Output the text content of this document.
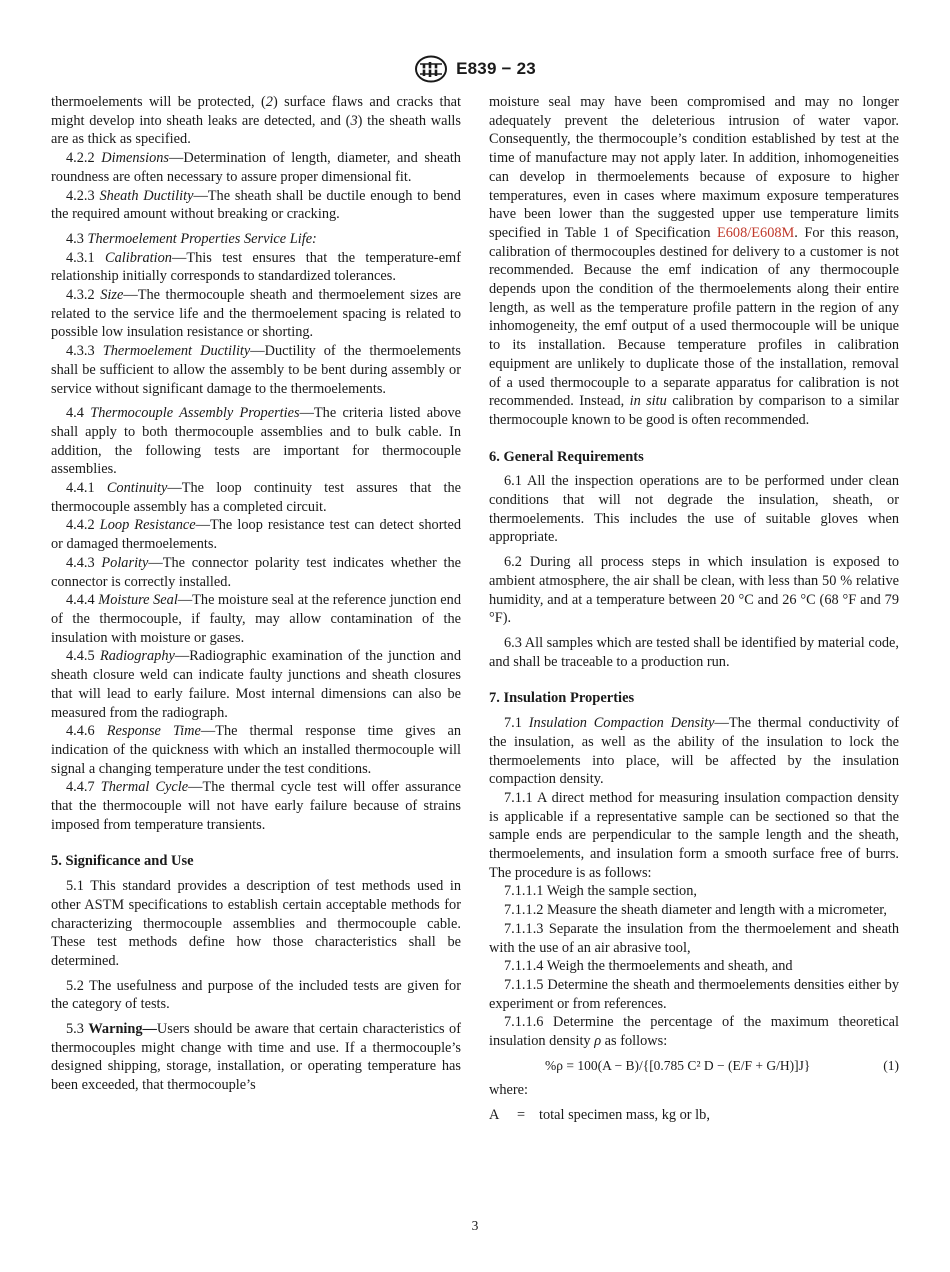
E839 − 23

thermoelements will be protected, (2) surface flaws and cracks that might develop into sheath leaks are detected, and (3) the sheath walls are as thick as specified.

4.2.2 Dimensions—Determination of length, diameter, and sheath roundness are often necessary to assure proper dimensional fit.

4.2.3 Sheath Ductility—The sheath shall be ductile enough to bend the required amount without breaking or cracking.

4.3 Thermoelement Properties Service Life:

4.3.1 Calibration—This test ensures that the temperature-emf relationship initially corresponds to standardized tolerances.

4.3.2 Size—The thermocouple sheath and thermoelement sizes are related to the service life and the thermoelement spacing is related to possible low insulation resistance or shorting.

4.3.3 Thermoelement Ductility—Ductility of the thermoelements shall be sufficient to allow the assembly to be bent during assembly or service without significant damage to the thermoelements.

4.4 Thermocouple Assembly Properties—The criteria listed above shall apply to both thermocouple assemblies and to bulk cable. In addition, the following tests are important for thermocouple assemblies.

4.4.1 Continuity—The loop continuity test assures that the thermocouple assembly has a completed circuit.

4.4.2 Loop Resistance—The loop resistance test can detect shorted or damaged thermoelements.

4.4.3 Polarity—The connector polarity test indicates whether the connector is correctly installed.

4.4.4 Moisture Seal—The moisture seal at the reference junction end of the thermocouple, if faulty, may allow contamination of the insulation with moisture or gases.

4.4.5 Radiography—Radiographic examination of the junction and sheath closure weld can indicate faulty junctions and sheath closures that will lead to early failure. Most internal dimensions can also be measured from the radiograph.

4.4.6 Response Time—The thermal response time gives an indication of the quickness with which an installed thermocouple will signal a changing temperature under the test conditions.

4.4.7 Thermal Cycle—The thermal cycle test will offer assurance that the thermocouple will not have early failure because of strains imposed from temperature transients.

5. Significance and Use

5.1 This standard provides a description of test methods used in other ASTM specifications to establish certain acceptable methods for characterizing thermocouple assemblies and thermocouple cable. These test methods define how those characteristics shall be determined.

5.2 The usefulness and purpose of the included tests are given for the category of tests.

5.3 Warning—Users should be aware that certain characteristics of thermocouples might change with time and use. If a thermocouple’s designed shipping, storage, installation, or operating temperature has been exceeded, that thermocouple’s

moisture seal may have been compromised and may no longer adequately prevent the deleterious intrusion of water vapor. Consequently, the thermocouple’s condition established by test at the time of manufacture may not apply later. In addition, inhomogeneities can develop in thermoelements because of exposure to higher temperatures, even in cases where maximum exposure temperatures have been lower than the suggested upper use temperature limits specified in Table 1 of Specification E608/E608M. For this reason, calibration of thermocouples destined for delivery to a customer is not recommended. Because the emf indication of any thermocouple depends upon the condition of the thermoelements along their entire length, as well as the temperature profile pattern in the region of any inhomogeneity, the emf output of a used thermocouple will be unique to its installation. Because temperature profiles in calibration equipment are unlikely to duplicate those of the installation, removal of a used thermocouple to a separate apparatus for calibration is not recommended. Instead, in situ calibration by comparison to a similar thermocouple known to be good is often recommended.

6. General Requirements

6.1 All the inspection operations are to be performed under clean conditions that will not degrade the insulation, sheath, or thermoelements. This includes the use of suitable gloves when appropriate.

6.2 During all process steps in which insulation is exposed to ambient atmosphere, the air shall be clean, with less than 50 % relative humidity, and at a temperature between 20 °C and 26 °C (68 °F and 79 °F).

6.3 All samples which are tested shall be identified by material code, and shall be traceable to a production run.

7. Insulation Properties

7.1 Insulation Compaction Density—The thermal conductivity of the insulation, as well as the ability of the insulation to lock the thermoelements into place, will be affected by the insulation compaction density.

7.1.1 A direct method for measuring insulation compaction density is applicable if a representative sample can be sectioned so that the sample ends are perpendicular to the sample length and the sheath, thermoelements, and insulation form a smooth surface free of burrs. The procedure is as follows:

7.1.1.1 Weigh the sample section,

7.1.1.2 Measure the sheath diameter and length with a micrometer,

7.1.1.3 Separate the insulation from the thermoelement and sheath with the use of an air abrasive tool,

7.1.1.4 Weigh the thermoelements and sheath, and

7.1.1.5 Determine the sheath and thermoelements densities either by experiment or from references.

7.1.1.6 Determine the percentage of the maximum theoretical insulation density ρ as follows:

%ρ = 100(A − B)/{[0.785 C² D − (E/F + G/H)]J}	(1)

where:

A	= total specimen mass, kg or lb,
3
